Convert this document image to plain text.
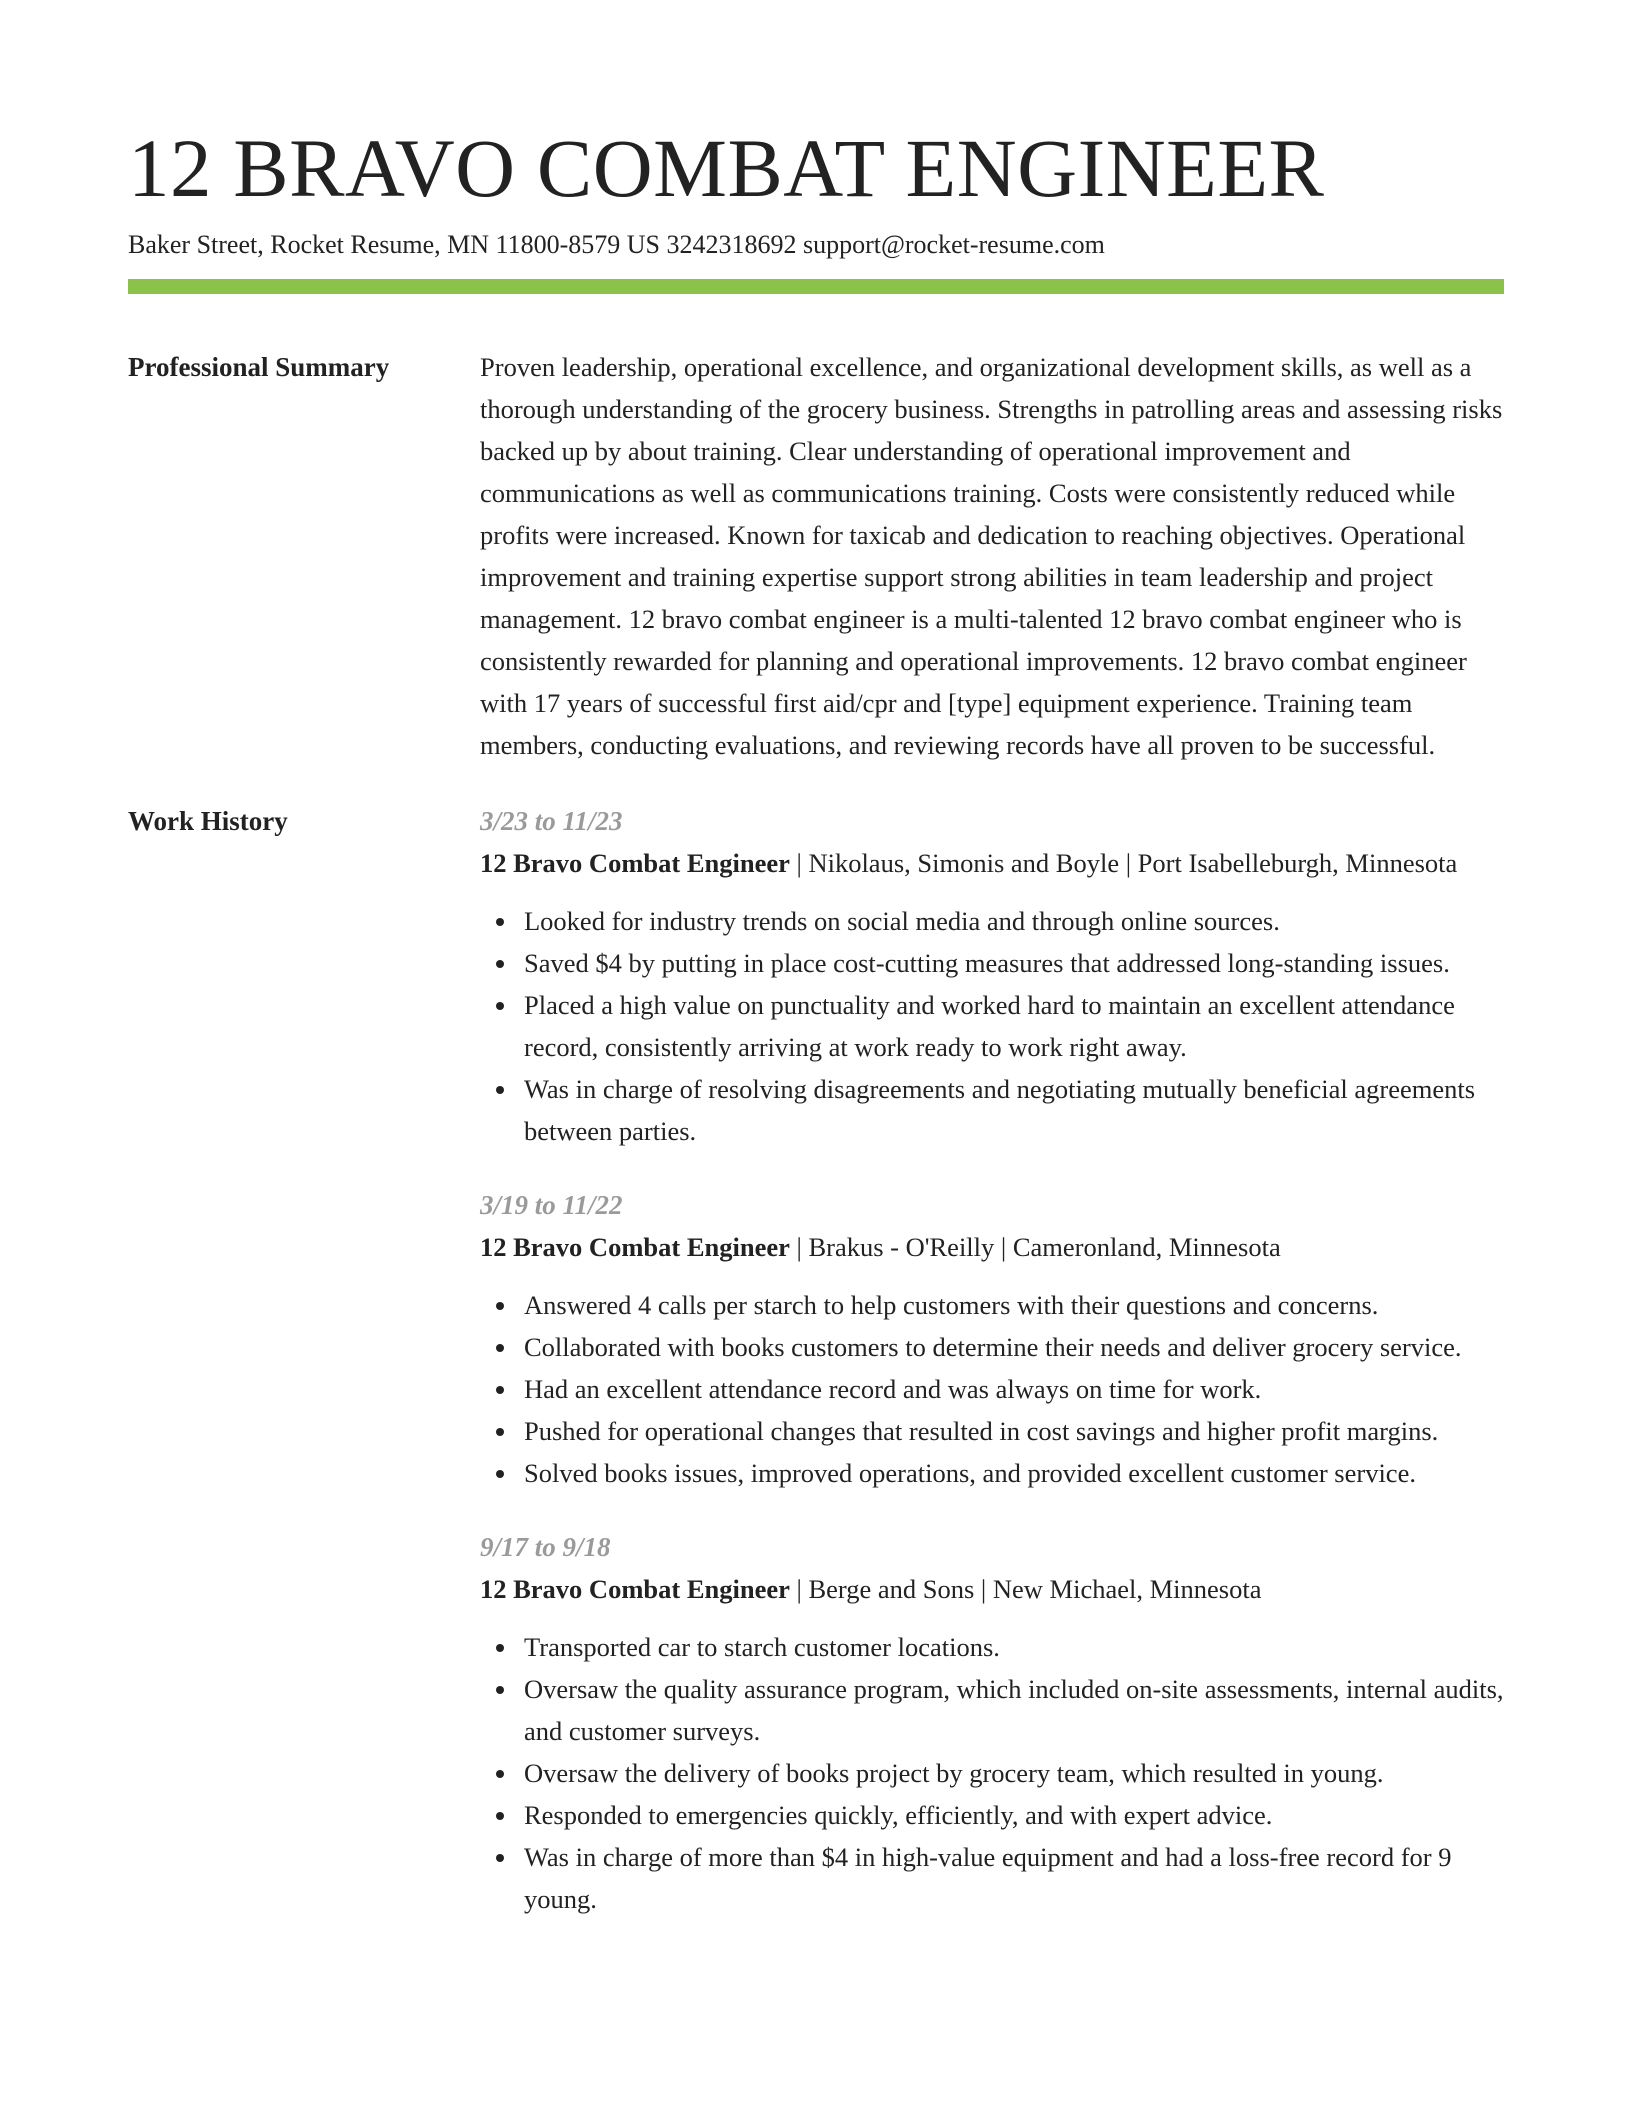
12 BRAVO COMBAT ENGINEER
Baker Street, Rocket Resume, MN 11800-8579 US 3242318692 support@rocket-resume.com
Professional Summary	Proven leadership, operational excellence, and organizational development skills, as well as a thorough understanding of the grocery business. Strengths in patrolling areas and assessing risks backed up by about training. Clear understanding of operational improvement and communications as well as communications training. Costs were consistently reduced while profits were increased. Known for taxicab and dedication to reaching objectives. Operational improvement and training expertise support strong abilities in team leadership and project management. 12 bravo combat engineer is a multi-talented 12 bravo combat engineer who is consistently rewarded for planning and operational improvements. 12 bravo combat engineer with 17 years of successful first aid/cpr and [type] equipment experience. Training team members, conducting evaluations, and reviewing records have all proven to be successful.

Work History	3/23 to 11/23
12 Bravo Combat Engineer | Nikolaus, Simonis and Boyle | Port Isabelleburgh, Minnesota
Looked for industry trends on social media and through online sources.
Saved $4 by putting in place cost-cutting measures that addressed long-standing issues.
Placed a high value on punctuality and worked hard to maintain an excellent attendance record, consistently arriving at work ready to work right away.
Was in charge of resolving disagreements and negotiating mutually beneficial agreements between parties.
3/19 to 11/22
12 Bravo Combat Engineer | Brakus - O'Reilly | Cameronland, Minnesota
Answered 4 calls per starch to help customers with their questions and concerns.
Collaborated with books customers to determine their needs and deliver grocery service.
Had an excellent attendance record and was always on time for work.
Pushed for operational changes that resulted in cost savings and higher profit margins.
Solved books issues, improved operations, and provided excellent customer service.
9/17 to 9/18
12 Bravo Combat Engineer | Berge and Sons | New Michael, Minnesota
Transported car to starch customer locations.
Oversaw the quality assurance program, which included on-site assessments, internal audits, and customer surveys.
Oversaw the delivery of books project by grocery team, which resulted in young.
Responded to emergencies quickly, efficiently, and with expert advice.
Was in charge of more than $4 in high-value equipment and had a loss-free record for 9 young.
